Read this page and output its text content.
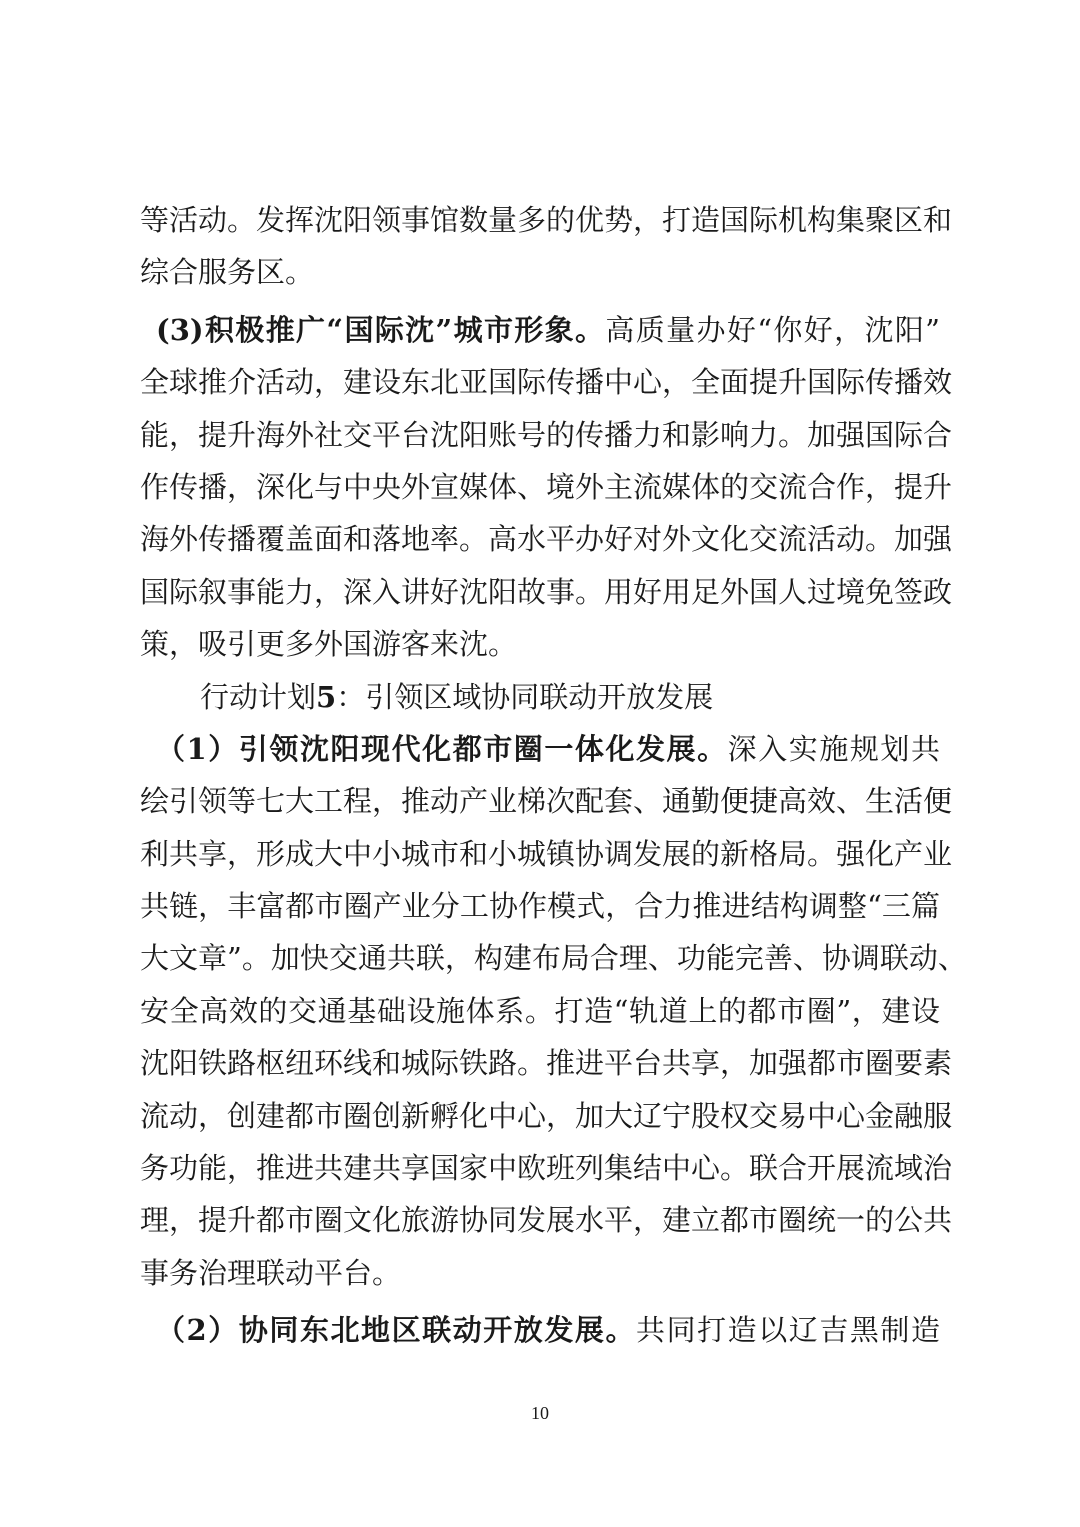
等活动。发挥沈阳领事馆数量多的优势，打造国际机构集聚区和
综合服务区。
(3)积极推广“国际沈”城市形象。高质量办好“你好，沈阳”
全球推介活动，建设东北亚国际传播中心，全面提升国际传播效
能，提升海外社交平台沈阳账号的传播力和影响力。加强国际合
作传播，深化与中央外宣媒体、境外主流媒体的交流合作，提升
海外传播覆盖面和落地率。高水平办好对外文化交流活动。加强
国际叙事能力，深入讲好沈阳故事。用好用足外国人过境免签政
策，吸引更多外国游客来沈。
行动计划5：引领区域协同联动开放发展
（1）引领沈阳现代化都市圈一体化发展。深入实施规划共
绘引领等七大工程，推动产业梯次配套、通勤便捷高效、生活便
利共享，形成大中小城市和小城镇协调发展的新格局。强化产业
共链，丰富都市圈产业分工协作模式，合力推进结构调整“三篇
大文章”。加快交通共联，构建布局合理、功能完善、协调联动、
安全高效的交通基础设施体系。打造“轨道上的都市圈”，建设
沈阳铁路枢纽环线和城际铁路。推进平台共享，加强都市圈要素
流动，创建都市圈创新孵化中心，加大辽宁股权交易中心金融服
务功能，推进共建共享国家中欧班列集结中心。联合开展流域治
理，提升都市圈文化旅游协同发展水平，建立都市圈统一的公共
事务治理联动平台。
（2）协同东北地区联动开放发展。共同打造以辽吉黑制造
10
